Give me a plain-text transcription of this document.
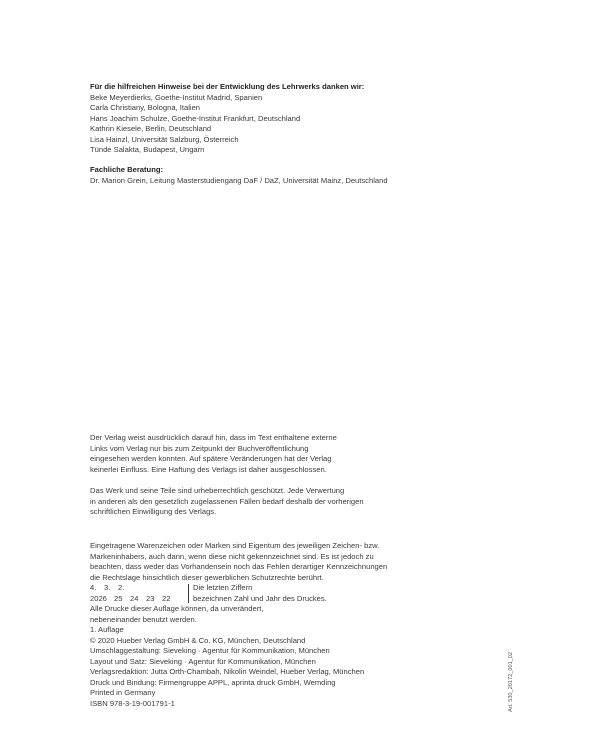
Für die hilfreichen Hinweise bei der Entwicklung des Lehrwerks danken wir:
Beke Meyerdierks, Goethe-Institut Madrid, Spanien
Carla Christiany, Bologna, Italien
Hans Joachim Schulze, Goethe-Institut Frankfurt, Deutschland
Kathrin Kiesele, Berlin, Deutschland
Lisa Hainzl, Universität Salzburg, Österreich
Tünde Salakta, Budapest, Ungarn
Fachliche Beratung:
Dr. Marion Grein, Leitung Masterstudiengang DaF / DaZ, Universität Mainz, Deutschland
Der Verlag weist ausdrücklich darauf hin, dass im Text enthaltene externe
Links vom Verlag nur bis zum Zeitpunkt der Buchveröffentlichung
eingesehen werden konnten. Auf spätere Veränderungen hat der Verlag
keinerlei Einfluss. Eine Haftung des Verlags ist daher ausgeschlossen.
Das Werk und seine Teile sind urheberrechtlich geschützt. Jede Verwertung
in anderen als den gesetzlich zugelassenen Fällen bedarf deshalb der vorherigen
schriftlichen Einwilligung des Verlags.
Eingetragene Warenzeichen oder Marken sind Eigentum des jeweiligen Zeichen- bzw.
Markeninhabers, auch dann, wenn diese nicht gekennzeichnet sind. Es ist jedoch zu
beachten, dass weder das Vorhandensein noch das Fehlen derartiger Kennzeichnungen
die Rechtslage hinsichtlich dieser gewerblichen Schutzrechte berührt.
4.	3.	2.
2026 25 24 23 22
Die letzten Ziffern
bezeichnen Zahl und Jahr des Druckes.
Alle Drucke dieser Auflage können, da unverändert,
nebeneinander benutzt werden.
1. Auflage
© 2020 Hueber Verlag GmbH & Co. KG, München, Deutschland
Umschlaggestaltung: Sieveking · Agentur für Kommunikation, München
Layout und Satz: Sieveking · Agentur für Kommunikation, München
Verlagsredaktion: Jutta Orth-Chambah, Nikolin Weindel, Hueber Verlag, München
Druck und Bindung: Firmengruppe APPL, aprinta druck GmbH, Wemding
Printed in Germany
ISBN 978-3-19-001791-1	Art. 530_20172_001_02
